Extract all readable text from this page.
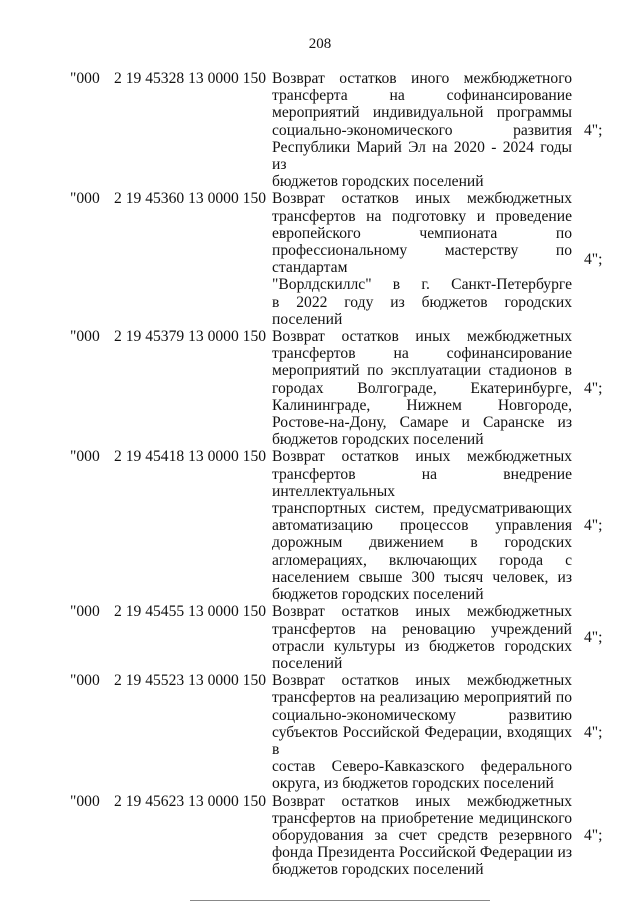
208
"000 2 19 45328 13 0000 150 Возврат остатков иного межбюджетного
трансферта на софинансирование
мероприятий индивидуальной программы
социально-экономического развития
Республики Марий Эл на 2020 - 2024 годы из
бюджетов городских поселений
4";
"000 2 19 45360 13 0000 150 Возврат остатков иных межбюджетных
трансфертов на подготовку и проведение
европейского чемпионата по
профессиональному мастерству по стандартам
"Ворлдскиллс" в г. Санкт-Петербурге
в 2022 году из бюджетов городских поселений
4";
"000 2 19 45379 13 0000 150 Возврат остатков иных межбюджетных
трансфертов на софинансирование
мероприятий по эксплуатации стадионов в
городах Волгограде, Екатеринбурге,
Калининграде, Нижнем Новгороде,
Ростове-на-Дону, Самаре и Саранске из
бюджетов городских поселений
4";
"000 2 19 45418 13 0000 150 Возврат остатков иных межбюджетных
трансфертов на внедрение интеллектуальных
транспортных систем, предусматривающих
автоматизацию процессов управления
дорожным движением в городских
агломерациях, включающих города с
населением свыше 300 тысяч человек, из
бюджетов городских поселений
4";
"000 2 19 45455 13 0000 150 Возврат остатков иных межбюджетных
трансфертов на реновацию учреждений
отрасли культуры из бюджетов городских
поселений
4";
"000 2 19 45523 13 0000 150 Возврат остатков иных межбюджетных
трансфертов на реализацию мероприятий по
социально-экономическому развитию
субъектов Российской Федерации, входящих в
состав Северо-Кавказского федерального
округа, из бюджетов городских поселений
4";
"000 2 19 45623 13 0000 150 Возврат остатков иных межбюджетных
трансфертов на приобретение медицинского
оборудования за счет средств резервного
фонда Президента Российской Федерации из
бюджетов городских поселений
4";
